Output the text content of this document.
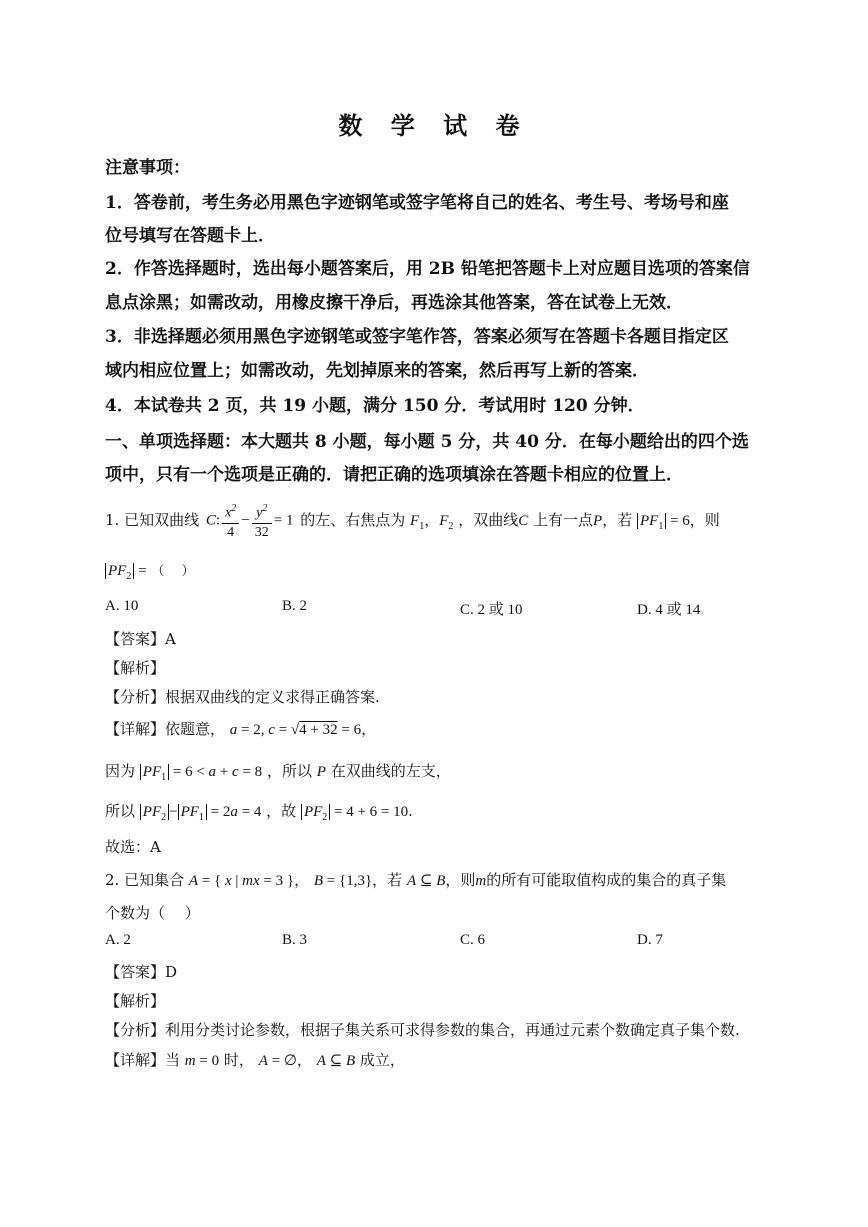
数 学 试 卷
注意事项：
1．答卷前，考生务必用黑色字迹钢笔或签字笔将自己的姓名、考生号、考场号和座
位号填写在答题卡上．
2．作答选择题时，选出每小题答案后，用 2B 铅笔把答题卡上对应题目选项的答案信
息点涂黑；如需改动，用橡皮擦干净后，再选涂其他答案，答在试卷上无效．
3．非选择题必须用黑色字迹钢笔或签字笔作答，答案必须写在答题卡各题目指定区
域内相应位置上；如需改动，先划掉原来的答案，然后再写上新的答案．
4．本试卷共 2 页，共 19 小题，满分 150 分．考试用时 120 分钟．
一、单项选择题：本大题共 8 小题，每小题 5 分，共 40 分．在每小题给出的四个选
项中，只有一个选项是正确的．请把正确的选项填涂在答题卡相应的位置上．
1. 已知双曲线 C: $\frac{x^2}{4} - \frac{y^2}{32} = 1$ 的左、右焦点为 $F_1$，$F_2$ ，双曲线C 上有一点P，若 $PF_1 = 6$，则
$PF_2$ = （　 ）
A. 10	B. 2	C. 2 或 10	D. 4 或 14
【答案】A
【解析】
【分析】根据双曲线的定义求得正确答案.
【详解】依题意， a = 2, c = √4 + 32 = 6，
因为 $PF_1 = 6 < a + c = 8$ ，所以 P 在双曲线的左支，
所以 $PF_2 - PF_1 = 2a = 4$ ，故 $PF_2 = 4 + 6 = 10$.
故选：A
2. 已知集合 A = { x | mx = 3 }， B = {1,3}，若 A ⊆ B，则m的所有可能取值构成的集合的真子集
个数为（　 ）
A. 2	B. 3	C. 6	D. 7
【答案】D
【解析】
【分析】利用分类讨论参数，根据子集关系可求得参数的集合，再通过元素个数确定真子集个数.
【详解】当 m = 0 时， A = ∅， A ⊆ B 成立，
